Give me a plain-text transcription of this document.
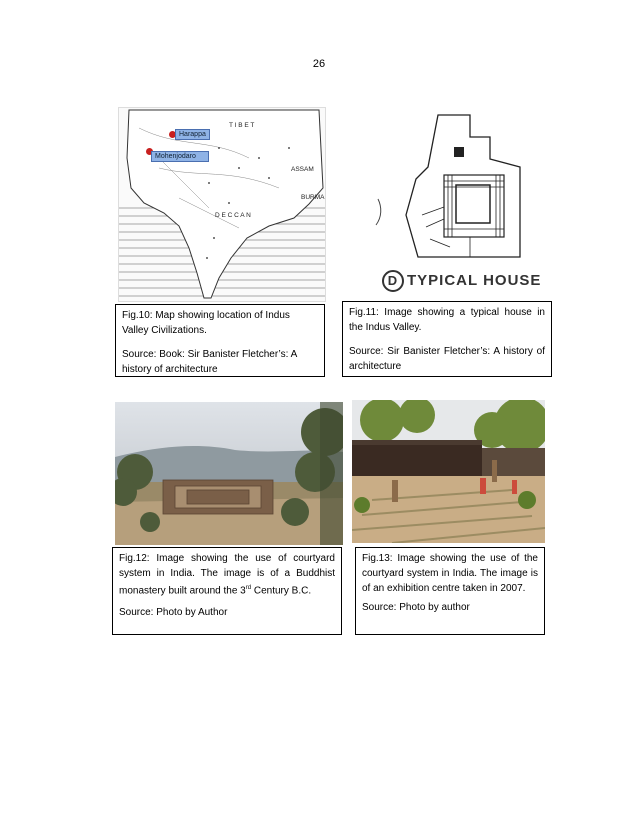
26
Harappa
Mohenjodaro
T I B E T
ASSAM
BURMA
D E C C A N
D TYPICAL HOUSE

Fig.10: Map showing location of Indus Valley Civilizations.

Source: Book: Sir Banister Fletcher’s: A history of architecture

Fig.11: Image showing a typical house in the Indus Valley.

Source: Sir Banister Fletcher’s: A history of architecture

Fig.12: Image showing the use of courtyard system in India. The image is of a Buddhist monastery built around the 3rd Century B.C.

Source: Photo by Author

Fig.13: Image showing the use of the courtyard system in India. The image is of an exhibition centre taken in 2007.

Source: Photo by author
